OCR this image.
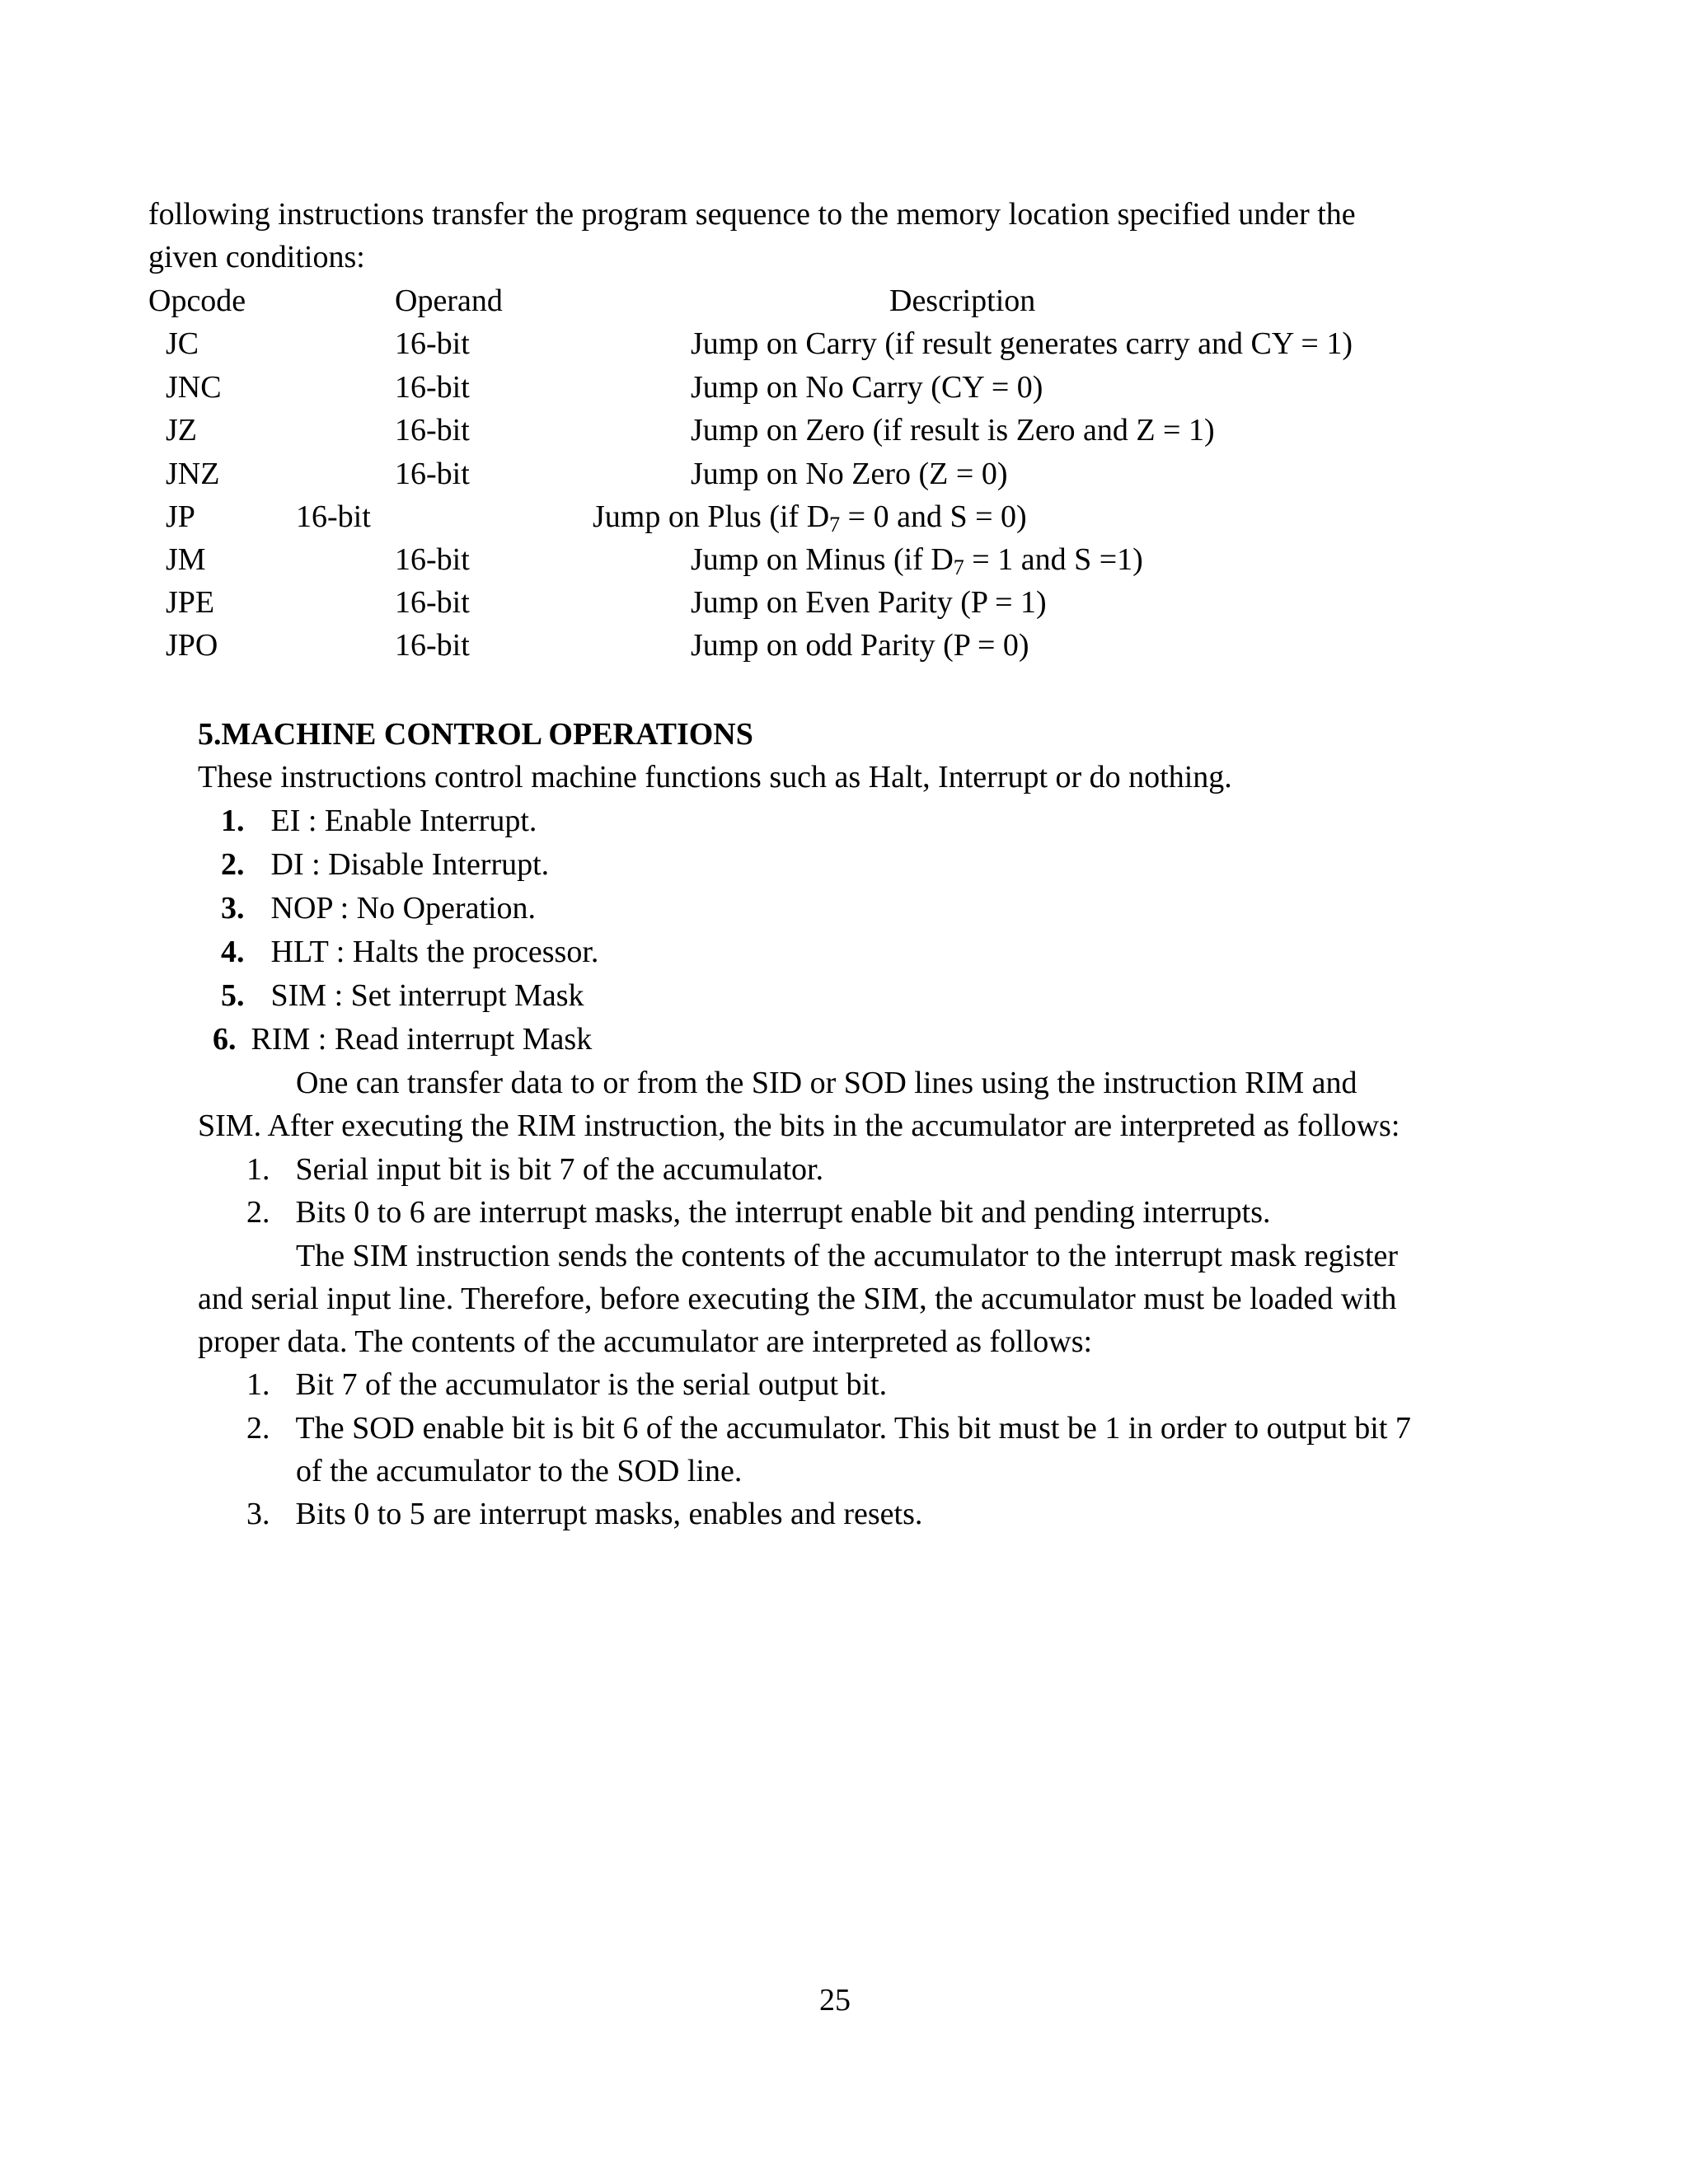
following instructions transfer the program sequence to the memory location specified under the
given conditions:
Opcode	Operand	Description
JC	16-bit	Jump on Carry (if result generates carry and CY = 1)
JNC	16-bit	Jump on No Carry (CY = 0)
JZ	16-bit	Jump on Zero (if result is Zero and Z = 1)
JNZ	16-bit	Jump on No Zero (Z = 0)
JP	16-bit	Jump on Plus (if $D_7 = 0$ and S = 0)
JM	16-bit	Jump on Minus (if $D_7 = 1$ and S =1)
JPE	16-bit	Jump on Even Parity (P = 1)
JPO	16-bit	Jump on odd Parity (P = 0)
5.MACHINE CONTROL OPERATIONS
These instructions control machine functions such as Halt, Interrupt or do nothing.
1. EI : Enable Interrupt.
2. DI : Disable Interrupt.
3. NOP : No Operation.
4. HLT : Halts the processor.
5. SIM : Set interrupt Mask
6. RIM : Read interrupt Mask
One can transfer data to or from the SID or SOD lines using the instruction RIM and
SIM. After executing the RIM instruction, the bits in the accumulator are interpreted as follows:
1. Serial input bit is bit 7 of the accumulator.
2. Bits 0 to 6 are interrupt masks, the interrupt enable bit and pending interrupts.
The SIM instruction sends the contents of the accumulator to the interrupt mask register
and serial input line. Therefore, before executing the SIM, the accumulator must be loaded with
proper data. The contents of the accumulator are interpreted as follows:
1. Bit 7 of the accumulator is the serial output bit.
2. The SOD enable bit is bit 6 of the accumulator. This bit must be 1 in order to output bit 7
of the accumulator to the SOD line.
3. Bits 0 to 5 are interrupt masks, enables and resets.
25
